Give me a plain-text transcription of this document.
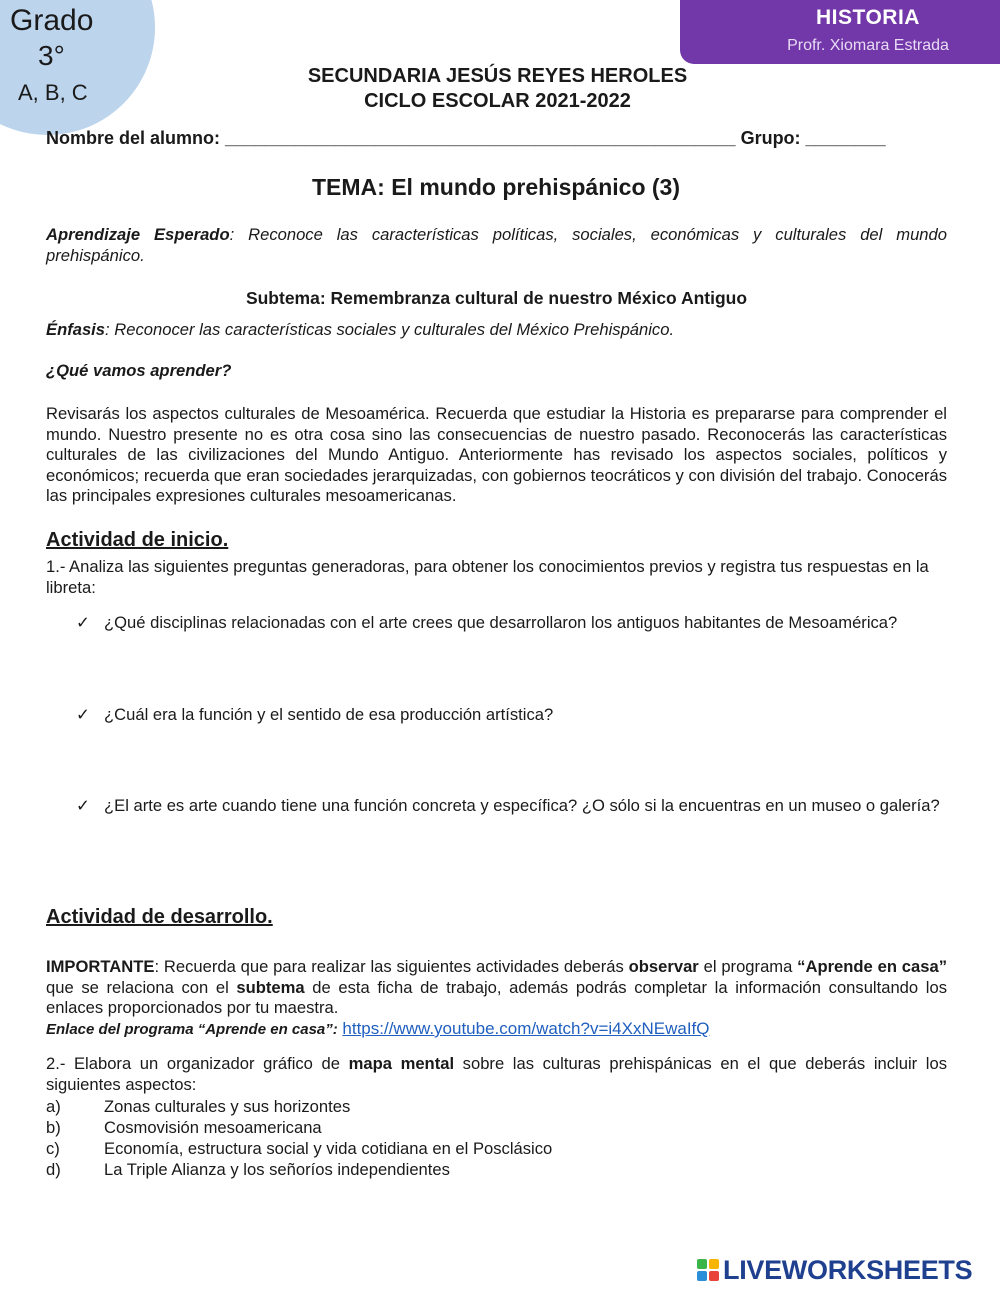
Grado
3°
A, B, C
HISTORIA
Profr. Xiomara Estrada
SECUNDARIA JESÚS REYES HEROLES
CICLO ESCOLAR 2021-2022
Nombre del alumno: ___________________________________________________ Grupo: ________
TEMA: El mundo prehispánico (3)
Aprendizaje Esperado: Reconoce las características políticas, sociales, económicas y culturales del mundo prehispánico.
Subtema: Remembranza cultural de nuestro México Antiguo
Énfasis: Reconocer las características sociales y culturales del México Prehispánico.
¿Qué vamos aprender?
Revisarás los aspectos culturales de Mesoamérica. Recuerda que estudiar la Historia es prepararse para comprender el mundo. Nuestro presente no es otra cosa sino las consecuencias de nuestro pasado. Reconocerás las características culturales de las civilizaciones del Mundo Antiguo. Anteriormente has revisado los aspectos sociales, políticos y económicos; recuerda que eran sociedades jerarquizadas, con gobiernos teocráticos y con división del trabajo. Conocerás las principales expresiones culturales mesoamericanas.
Actividad de inicio.
1.- Analiza las siguientes preguntas generadoras, para obtener los conocimientos previos y registra tus respuestas en la libreta:
✓ ¿Qué disciplinas relacionadas con el arte crees que desarrollaron los antiguos habitantes de Mesoamérica?
✓ ¿Cuál era la función y el sentido de esa producción artística?
✓ ¿El arte es arte cuando tiene una función concreta y específica? ¿O sólo si la encuentras en un museo o galería?
Actividad de desarrollo.
IMPORTANTE: Recuerda que para realizar las siguientes actividades deberás observar el programa “Aprende en casa” que se relaciona con el subtema de esta ficha de trabajo, además podrás completar la información consultando los enlaces proporcionados por tu maestra.
Enlace del programa “Aprende en casa”: https://www.youtube.com/watch?v=i4XxNEwaIfQ
2.- Elabora un organizador gráfico de mapa mental sobre las culturas prehispánicas en el que deberás incluir los siguientes aspectos:
a)	Zonas culturales y sus horizontes
b)	Cosmovisión mesoamericana
c)	Economía, estructura social y vida cotidiana en el Posclásico
d)	La Triple Alianza y los señoríos independientes
LIVEWORKSHEETS
